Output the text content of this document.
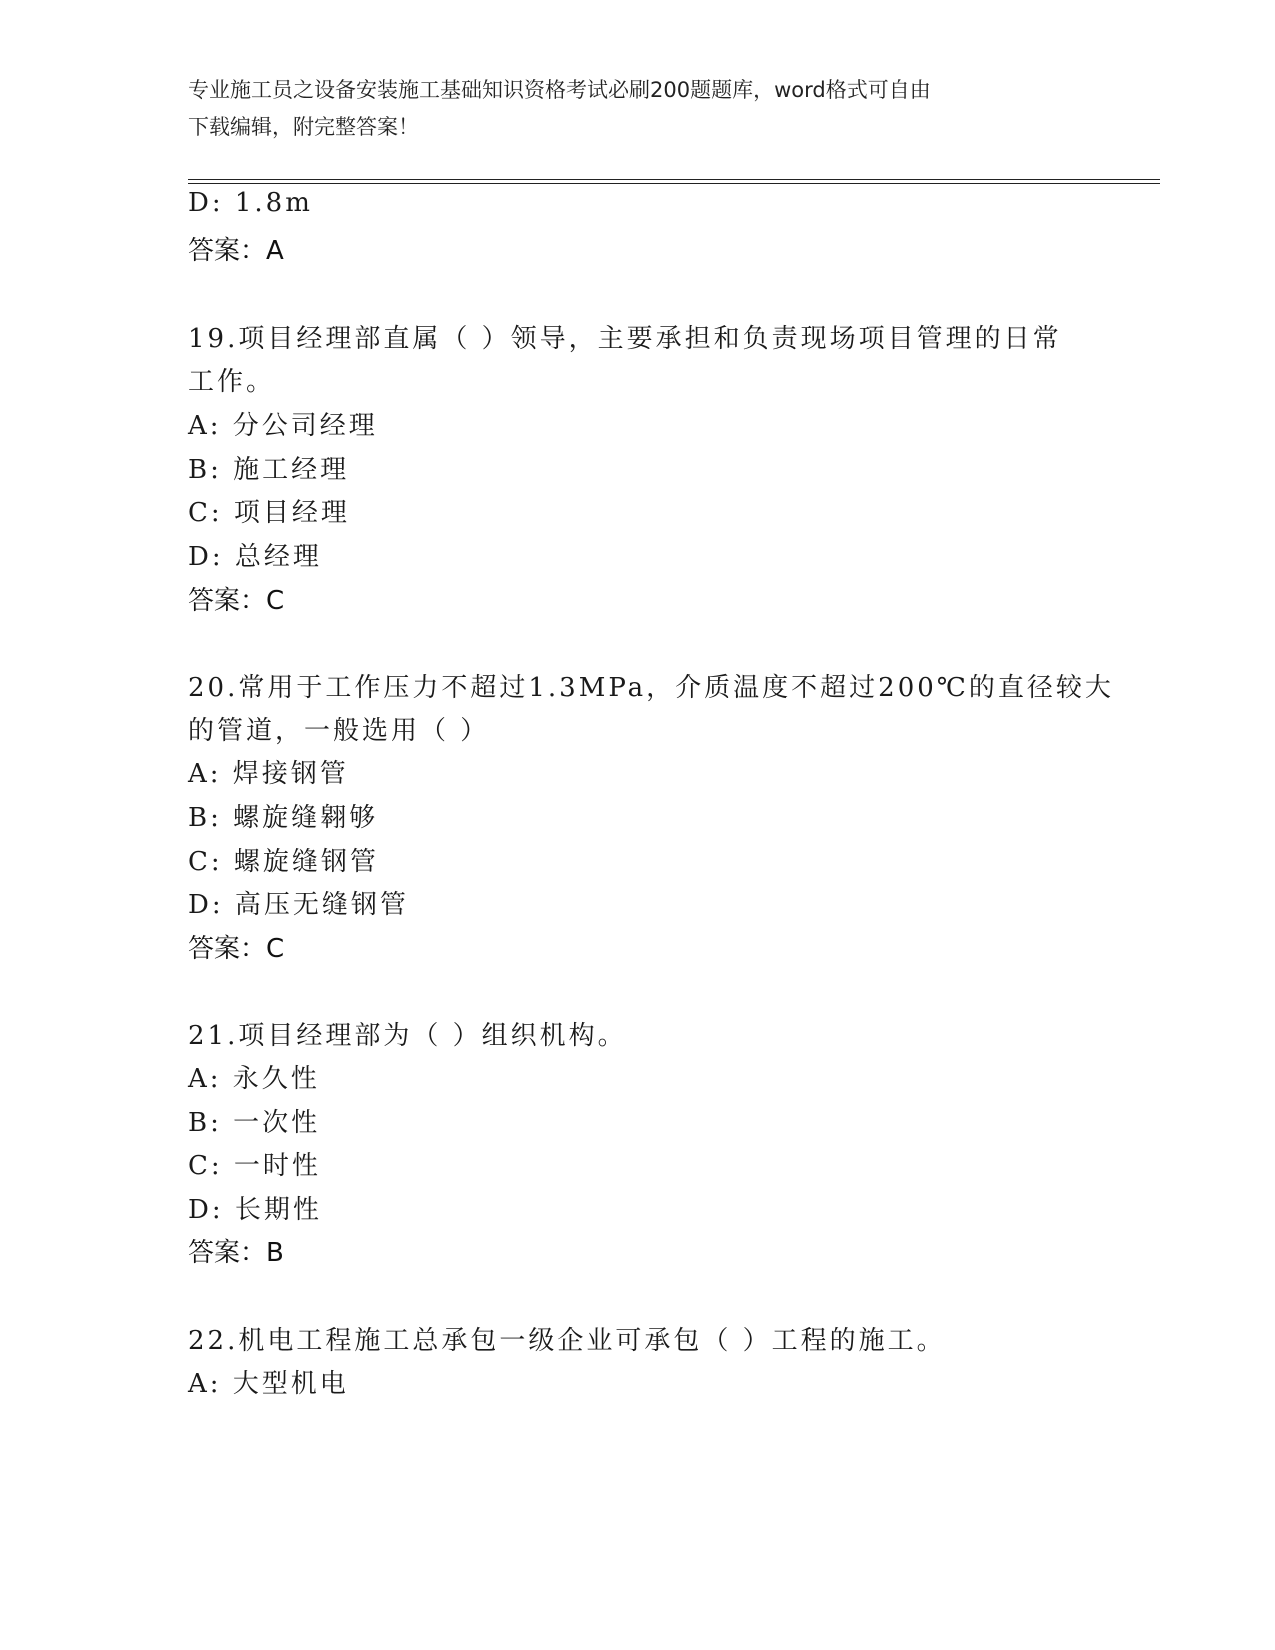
专业施工员之设备安装施工基础知识资格考试必刷200题题库，word格式可自由
下载编辑，附完整答案！
D: 1.8m
答案：A
19.项目经理部直属（ ）领导，主要承担和负责现场项目管理的日常
工作。
A: 分公司经理
B: 施工经理
C: 项目经理
D: 总经理
答案：C
20.常用于工作压力不超过1.3MPa，介质温度不超过200℃的直径较大
的管道，一般选用（ ）
A: 焊接钢管
B: 螺旋缝翱够
C: 螺旋缝钢管
D: 高压无缝钢管
答案：C
21.项目经理部为（ ）组织机构。
A: 永久性
B: 一次性
C: 一时性
D: 长期性
答案：B
22.机电工程施工总承包一级企业可承包（ ）工程的施工。
A: 大型机电
